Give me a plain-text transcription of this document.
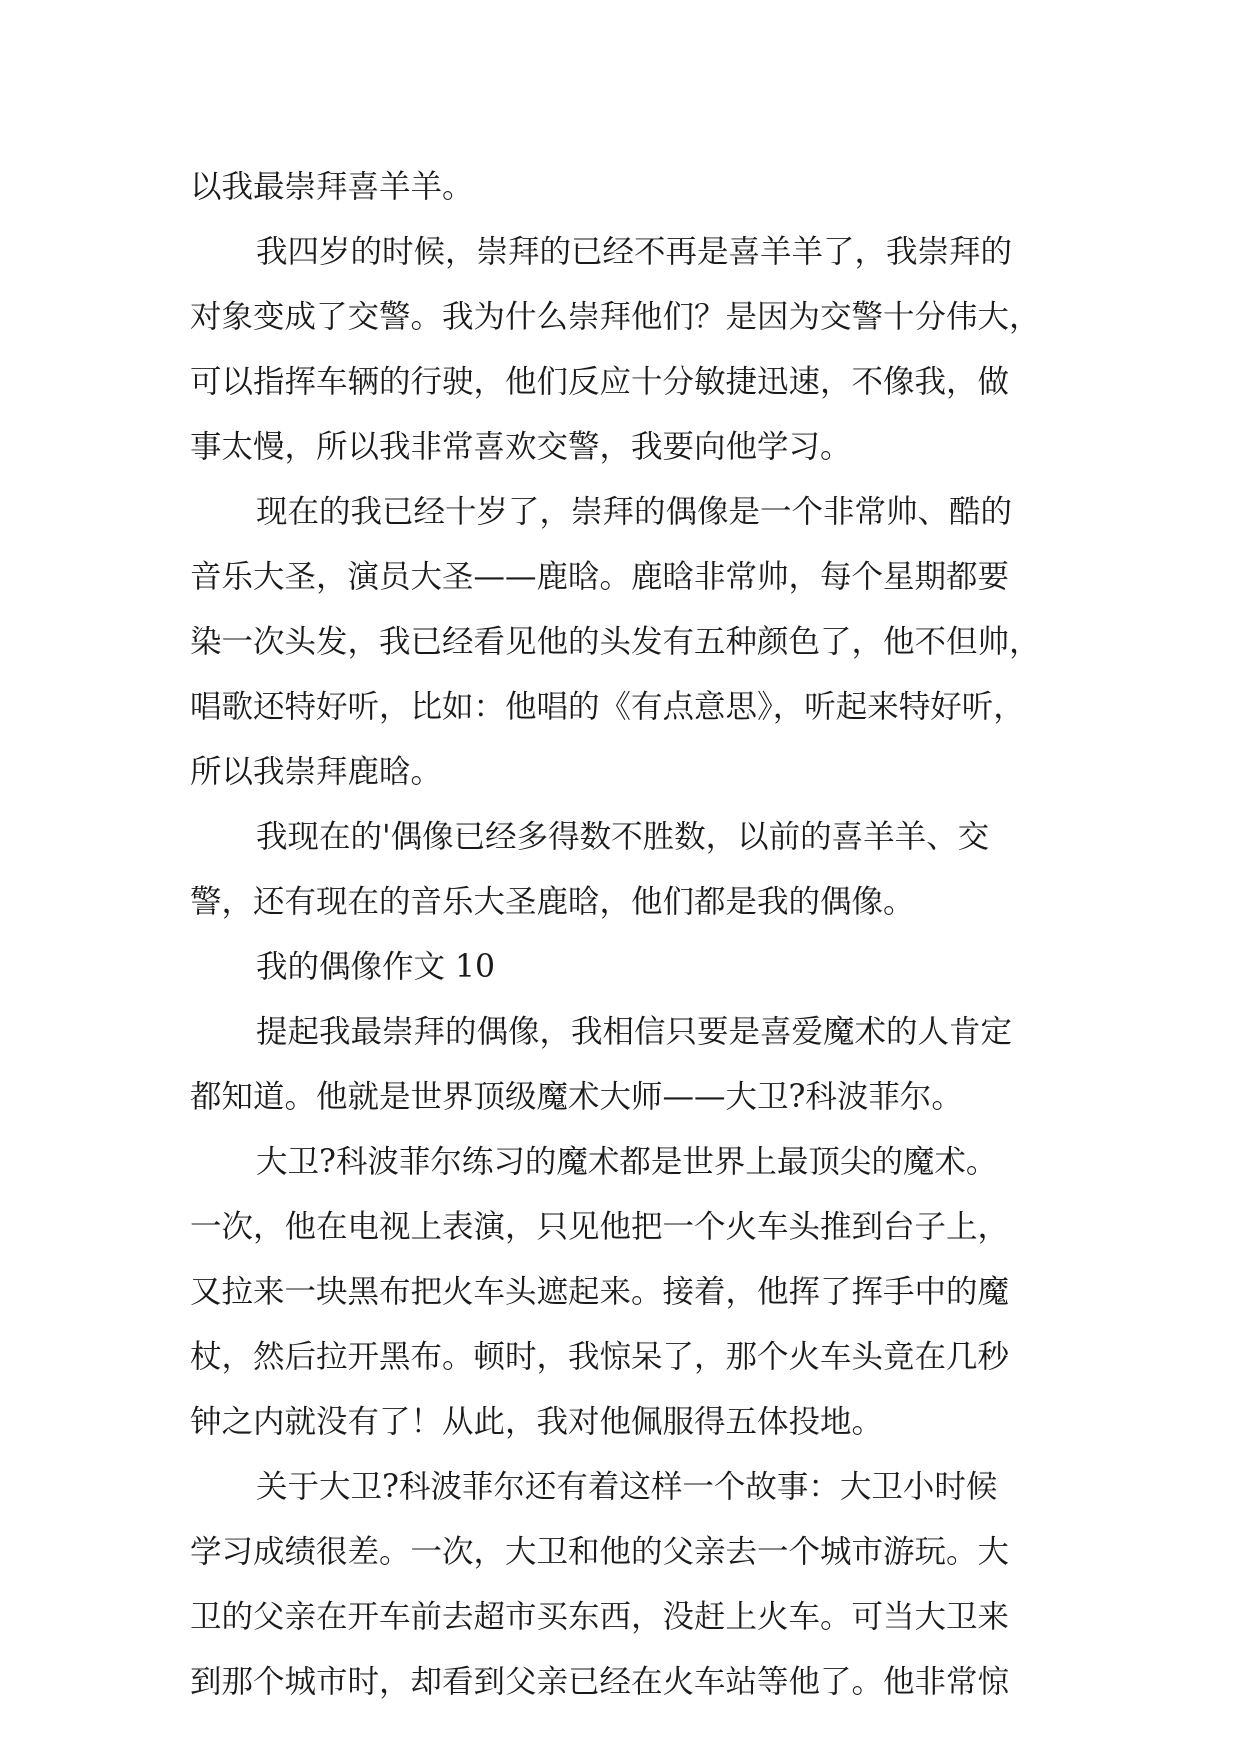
以我最崇拜喜羊羊。
我四岁的时候，崇拜的已经不再是喜羊羊了，我崇拜的
对象变成了交警。我为什么崇拜他们？是因为交警十分伟大，
可以指挥车辆的行驶，他们反应十分敏捷迅速，不像我，做
事太慢，所以我非常喜欢交警，我要向他学习。
现在的我已经十岁了，崇拜的偶像是一个非常帅、酷的
音乐大圣，演员大圣——鹿晗。鹿晗非常帅，每个星期都要
染一次头发，我已经看见他的头发有五种颜色了，他不但帅，
唱歌还特好听，比如：他唱的《有点意思》，听起来特好听，
所以我崇拜鹿晗。
我现在的'偶像已经多得数不胜数，以前的喜羊羊、交
警，还有现在的音乐大圣鹿晗，他们都是我的偶像。
我的偶像作文 10
提起我最崇拜的偶像，我相信只要是喜爱魔术的人肯定
都知道。他就是世界顶级魔术大师——大卫?科波菲尔。
大卫?科波菲尔练习的魔术都是世界上最顶尖的魔术。
一次，他在电视上表演，只见他把一个火车头推到台子上，
又拉来一块黑布把火车头遮起来。接着，他挥了挥手中的魔
杖，然后拉开黑布。顿时，我惊呆了，那个火车头竟在几秒
钟之内就没有了！从此，我对他佩服得五体投地。
关于大卫?科波菲尔还有着这样一个故事：大卫小时候
学习成绩很差。一次，大卫和他的父亲去一个城市游玩。大
卫的父亲在开车前去超市买东西，没赶上火车。可当大卫来
到那个城市时，却看到父亲已经在火车站等他了。他非常惊
